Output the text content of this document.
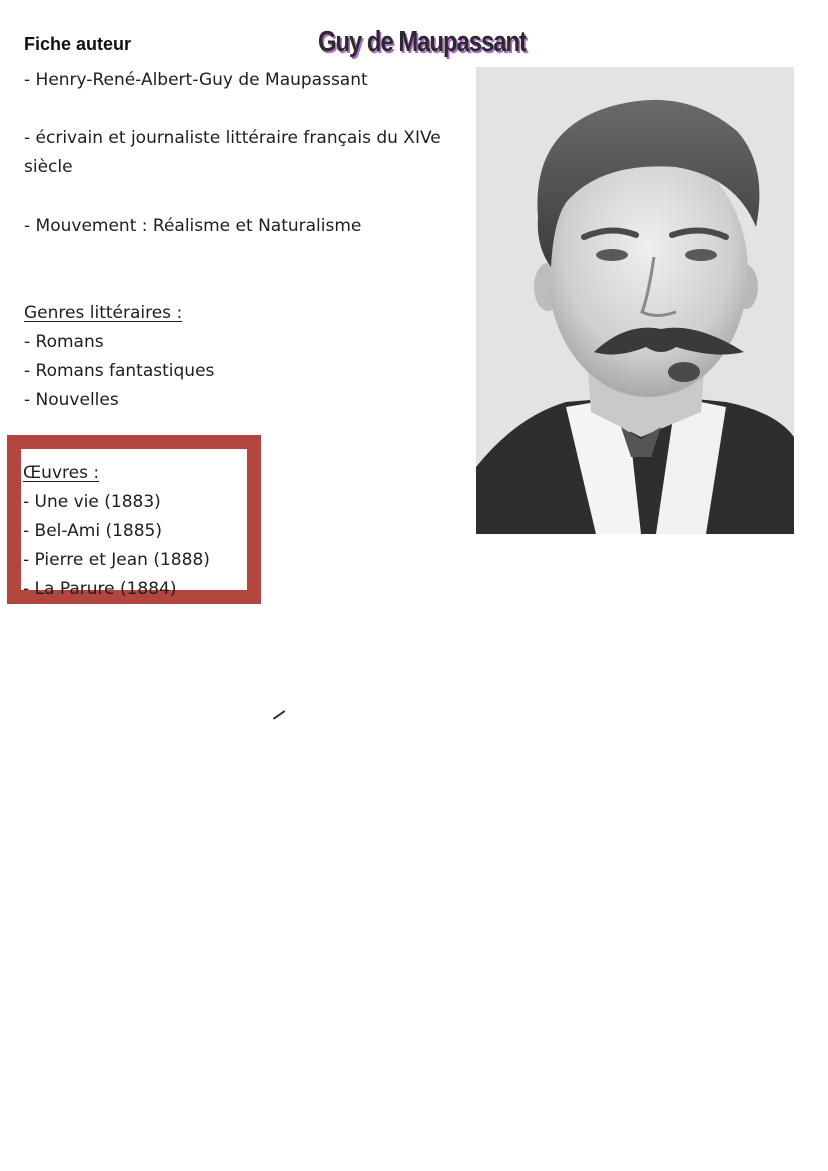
Fiche auteur	Guy de Maupassant
- Henry-René-Albert-Guy de Maupassant
- écrivain et journaliste littéraire français du XIVe siècle
- Mouvement : Réalisme et Naturalisme
Genres littéraires :
- Romans
- Romans fantastiques
- Nouvelles
Œuvres :
- Une vie (1883)
- Bel-Ami (1885)
- Pierre et Jean (1888)
- La Parure (1884)
